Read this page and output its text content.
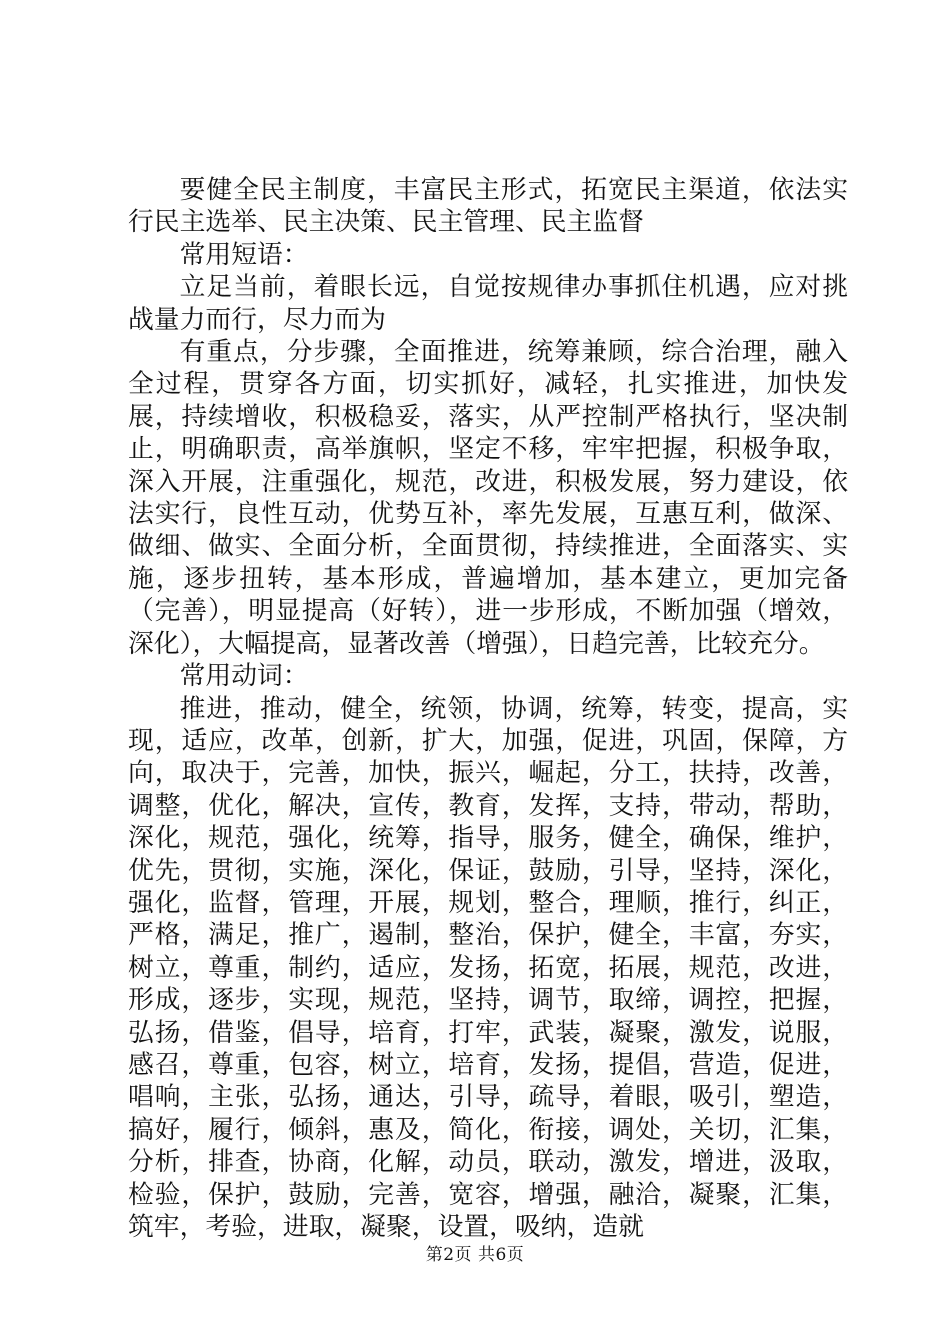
要健全民主制度，丰富民主形式，拓宽民主渠道，依法实行民主选举、民主决策、民主管理、民主监督

常用短语：

立足当前，着眼长远，自觉按规律办事抓住机遇，应对挑战量力而行，尽力而为

有重点，分步骤，全面推进，统筹兼顾，综合治理，融入全过程，贯穿各方面，切实抓好，减轻，扎实推进，加快发展，持续增收，积极稳妥，落实，从严控制严格执行，坚决制止，明确职责，高举旗帜，坚定不移，牢牢把握，积极争取，深入开展，注重强化，规范，改进，积极发展，努力建设，依法实行，良性互动，优势互补，率先发展，互惠互利，做深、做细、做实、全面分析，全面贯彻，持续推进，全面落实、实施，逐步扭转，基本形成，普遍增加，基本建立，更加完备（完善），明显提高（好转），进一步形成，不断加强（增效，深化），大幅提高，显著改善（增强），日趋完善，比较充分。

常用动词：

推进，推动，健全，统领，协调，统筹，转变，提高，实现，适应，改革，创新，扩大，加强，促进，巩固，保障，方向，取决于，完善，加快，振兴，崛起，分工，扶持，改善，调整，优化，解决，宣传，教育，发挥，支持，带动，帮助，深化，规范，强化，统筹，指导，服务，健全，确保，维护，优先，贯彻，实施，深化，保证，鼓励，引导，坚持，深化，强化，监督，管理，开展，规划，整合，理顺，推行，纠正，严格，满足，推广，遏制，整治，保护，健全，丰富，夯实，树立，尊重，制约，适应，发扬，拓宽，拓展，规范，改进，形成，逐步，实现，规范，坚持，调节，取缔，调控，把握，弘扬，借鉴，倡导，培育，打牢，武装，凝聚，激发，说服，感召，尊重，包容，树立，培育，发扬，提倡，营造，促进，唱响，主张，弘扬，通达，引导，疏导，着眼，吸引，塑造，搞好，履行，倾斜，惠及，简化，衔接，调处，关切，汇集，分析，排查，协商，化解，动员，联动，激发，增进，汲取，检验，保护，鼓励，完善，宽容，增强，融洽，凝聚，汇集，筑牢，考验，进取，凝聚，设置，吸纳，造就

第2页 共6页
